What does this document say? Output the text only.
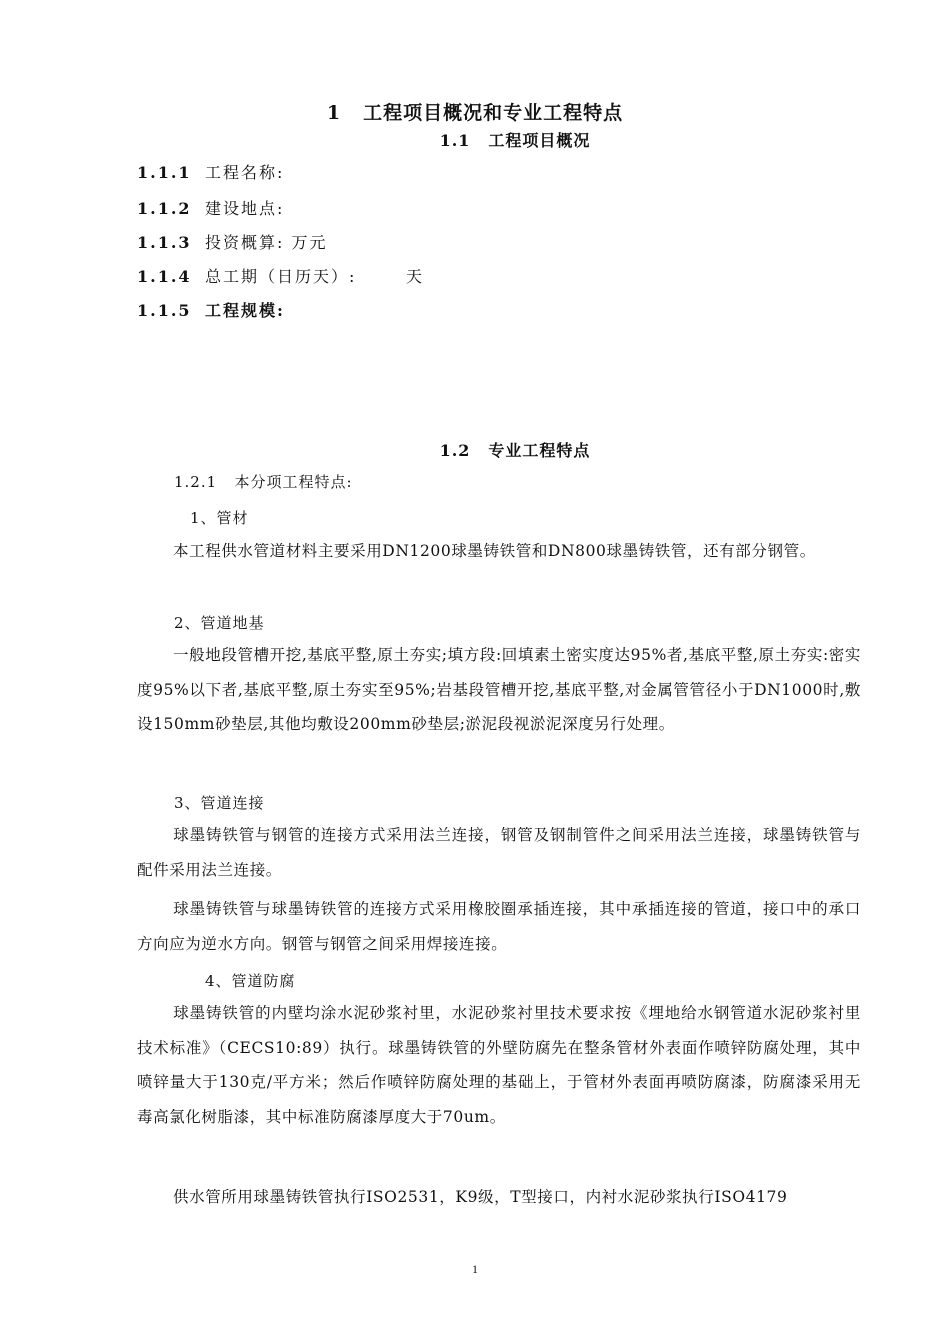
1 工程项目概况和专业工程特点
1.1 工程项目概况
1.1.1 工程名称:
1.1.2 建设地点:
1.1.3 投资概算: 万元
1.1.4 总工期（日历天）:       天
1.1.5 工程规模:
1.2 专业工程特点
1.2.1   本分项工程特点:
1、管材
本工程供水管道材料主要采用DN1200球墨铸铁管和DN800球墨铸铁管，还有部分钢管。
2、管道地基
一般地段管槽开挖,基底平整,原土夯实;填方段:回填素土密实度达95%者,基底平整,原土夯实:密实度95%以下者,基底平整,原土夯实至95%;岩基段管槽开挖,基底平整,对金属管管径小于DN1000时,敷设150mm砂垫层,其他均敷设200mm砂垫层;淤泥段视淤泥深度另行处理。
3、管道连接
球墨铸铁管与钢管的连接方式采用法兰连接，钢管及钢制管件之间采用法兰连接，球墨铸铁管与配件采用法兰连接。
球墨铸铁管与球墨铸铁管的连接方式采用橡胶圈承插连接，其中承插连接的管道，接口中的承口方向应为逆水方向。钢管与钢管之间采用焊接连接。
4、管道防腐
球墨铸铁管的内壁均涂水泥砂浆衬里，水泥砂浆衬里技术要求按《埋地给水钢管道水泥砂浆衬里技术标准》（CECS10:89）执行。球墨铸铁管的外壁防腐先在整条管材外表面作喷锌防腐处理，其中喷锌量大于130克/平方米；然后作喷锌防腐处理的基础上，于管材外表面再喷防腐漆，防腐漆采用无毒高氯化树脂漆，其中标准防腐漆厚度大于70um。
供水管所用球墨铸铁管执行ISO2531，K9级，T型接口，内衬水泥砂浆执行ISO4179
1
